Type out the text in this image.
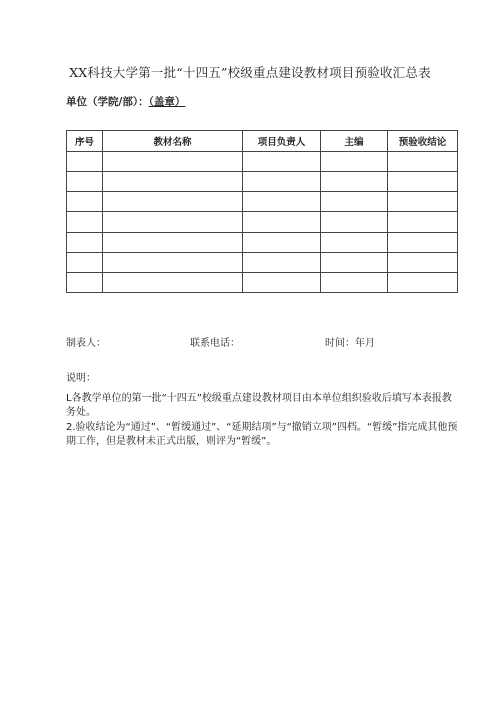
XX科技大学第一批“十四五”校级重点建设教材项目预验收汇总表
单位（学院/部）：（盖章）
序号	教材名称	项目负责人	主编	预验收结论

制表人：	联系电话：	时间：年月

说明：

L各教学单位的第一批“十四五”校级重点建设教材项目由本单位组织验收后填写本表报教务处。

2.验收结论为“通过”、“暂缓通过”、“延期结项”与“撤销立项”四档。“暂缓”指完成其他预期工作，但是教材未正式出版，则评为“暂缓”。
